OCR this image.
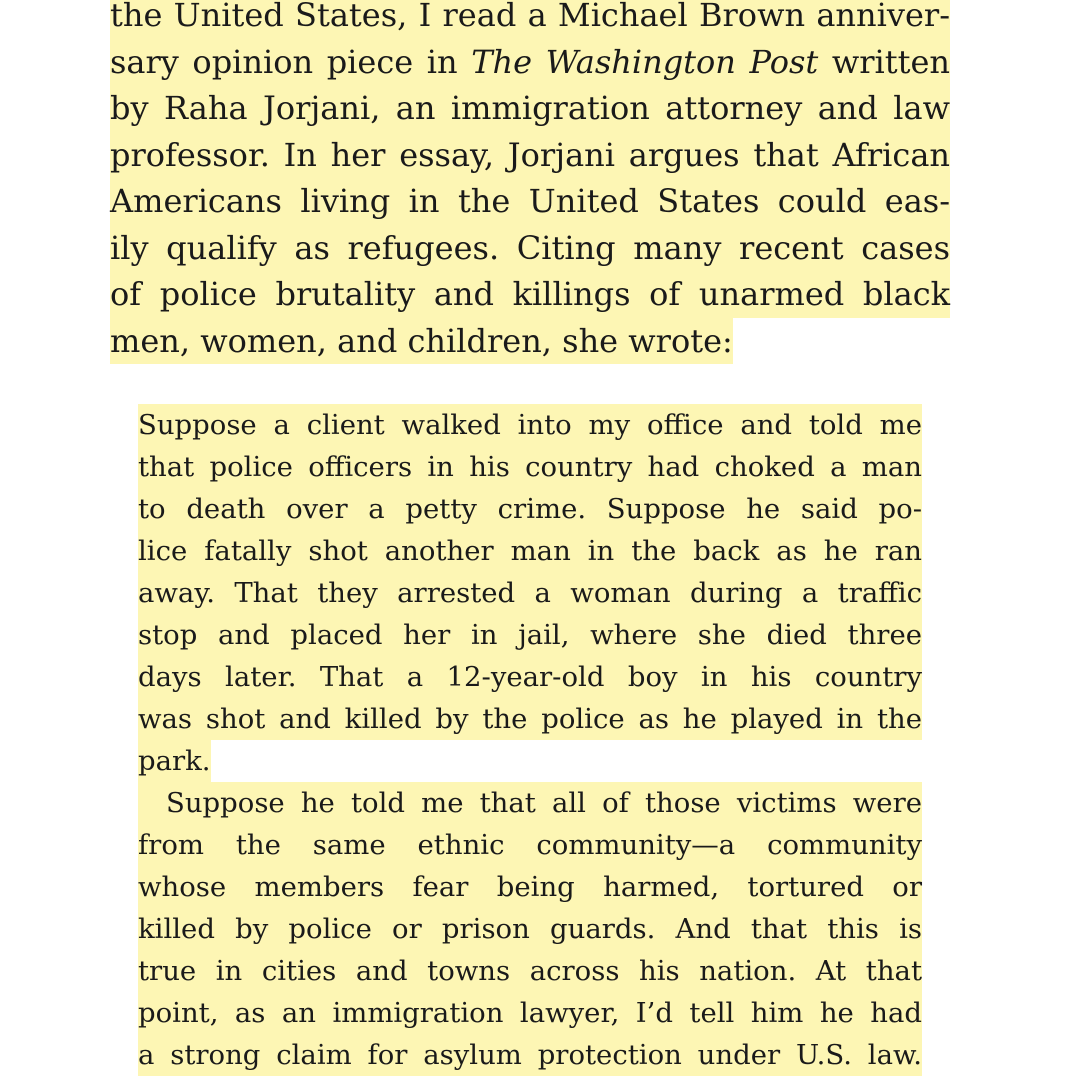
the United States, I read a Michael Brown anniver-
sary opinion piece in The Washington Post written
by Raha Jorjani, an immigration attorney and law
professor. In her essay, Jorjani argues that African
Americans living in the United States could eas-
ily qualify as refugees. Citing many recent cases
of police brutality and killings of unarmed black
men, women, and children, she wrote:
Suppose a client walked into my office and told me
that police officers in his country had choked a man
to death over a petty crime. Suppose he said po-
lice fatally shot another man in the back as he ran
away. That they arrested a woman during a traffic
stop and placed her in jail, where she died three
days later. That a 12-year-old boy in his country
was shot and killed by the police as he played in the
park.
Suppose he told me that all of those victims were
from the same ethnic community—a community
whose members fear being harmed, tortured or
killed by police or prison guards. And that this is
true in cities and towns across his nation. At that
point, as an immigration lawyer, I’d tell him he had
a strong claim for asylum protection under U.S. law.
